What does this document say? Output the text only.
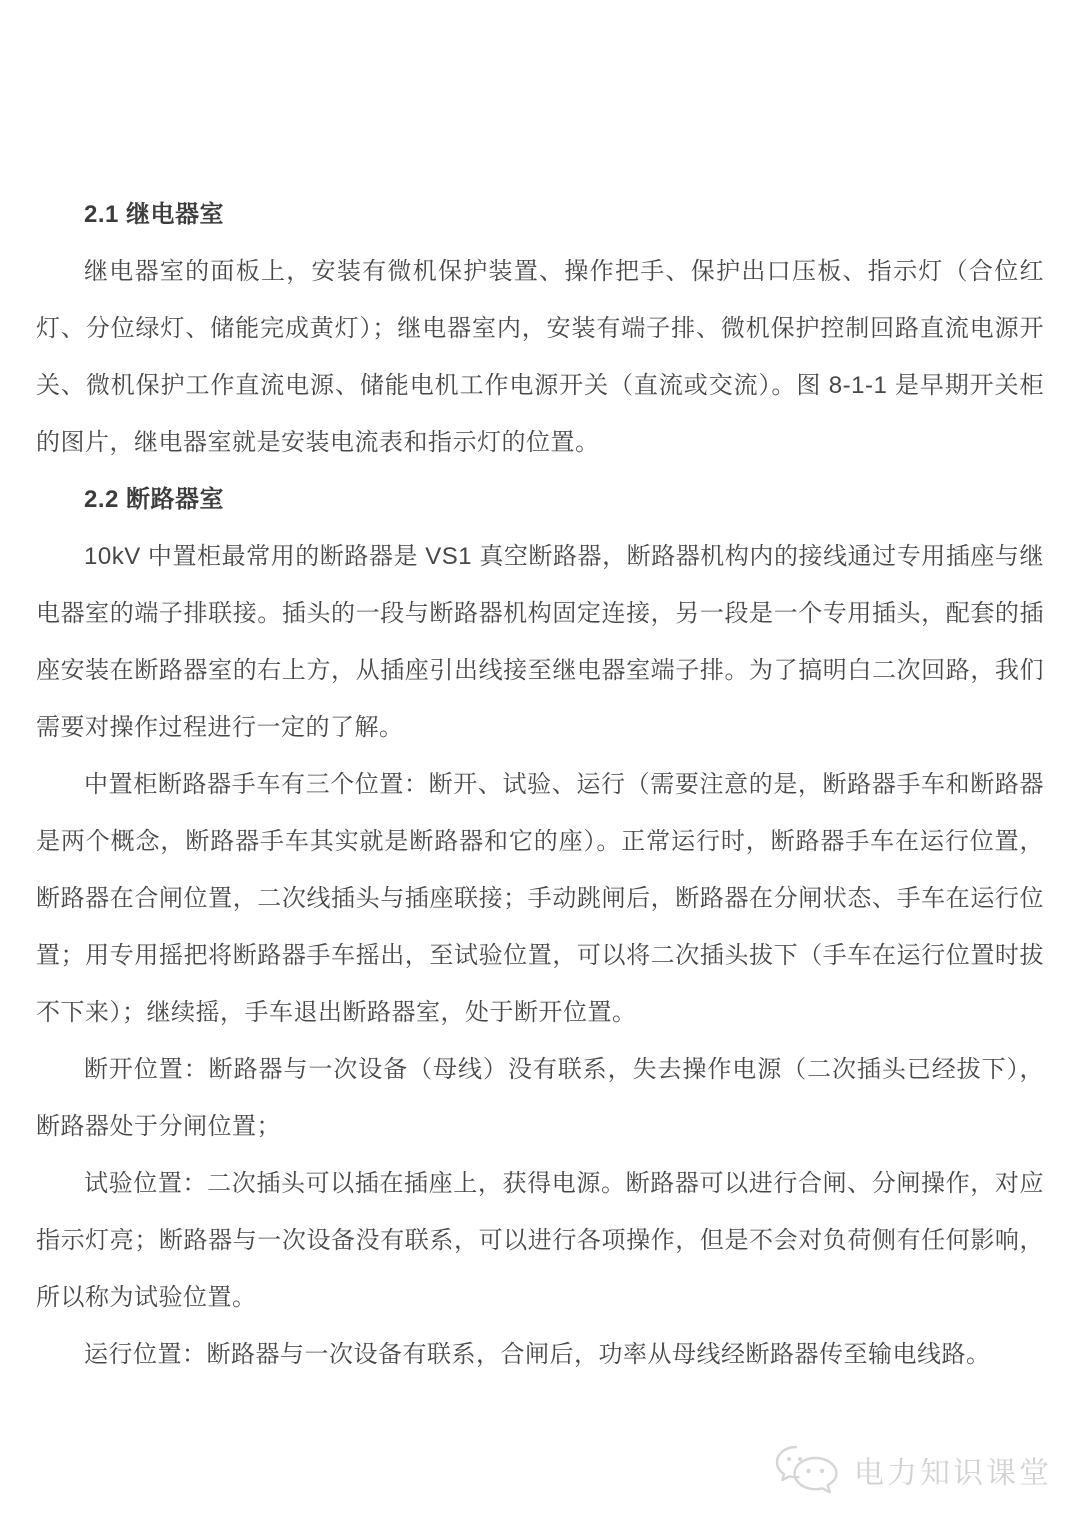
2.1 继电器室

继电器室的面板上，安装有微机保护装置、操作把手、保护出口压板、指示灯（合位红灯、分位绿灯、储能完成黄灯）；继电器室内，安装有端子排、微机保护控制回路直流电源开关、微机保护工作直流电源、储能电机工作电源开关（直流或交流）。图 8-1-1 是早期开关柜的图片，继电器室就是安装电流表和指示灯的位置。

2.2 断路器室

10kV 中置柜最常用的断路器是 VS1 真空断路器，断路器机构内的接线通过专用插座与继电器室的端子排联接。插头的一段与断路器机构固定连接，另一段是一个专用插头，配套的插座安装在断路器室的右上方，从插座引出线接至继电器室端子排。为了搞明白二次回路，我们需要对操作过程进行一定的了解。

中置柜断路器手车有三个位置：断开、试验、运行（需要注意的是，断路器手车和断路器是两个概念，断路器手车其实就是断路器和它的座）。正常运行时，断路器手车在运行位置，断路器在合闸位置，二次线插头与插座联接；手动跳闸后，断路器在分闸状态、手车在运行位置；用专用摇把将断路器手车摇出，至试验位置，可以将二次插头拔下（手车在运行位置时拔不下来）；继续摇，手车退出断路器室，处于断开位置。

断开位置：断路器与一次设备（母线）没有联系，失去操作电源（二次插头已经拔下），断路器处于分闸位置；

试验位置：二次插头可以插在插座上，获得电源。断路器可以进行合闸、分闸操作，对应指示灯亮；断路器与一次设备没有联系，可以进行各项操作，但是不会对负荷侧有任何影响，所以称为试验位置。

运行位置：断路器与一次设备有联系，合闸后，功率从母线经断路器传至输电线路。

电力知识课堂
